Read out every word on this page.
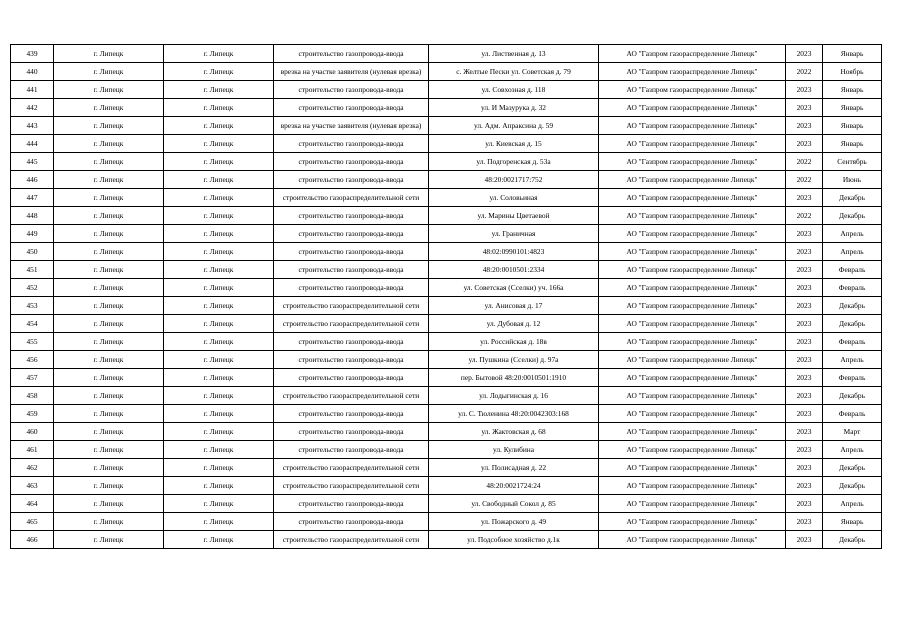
439	г. Липецк	г. Липецк	строительство газопровода-ввода	ул. Лиственная д. 13	АО "Газпром газораспределение Липецк"	2023	Январь
440	г. Липецк	г. Липецк	врезка на участке заявителя (нулевая врезка)	с. Желтые Пески ул. Советская д. 79	АО "Газпром газораспределение Липецк"	2022	Ноябрь
441	г. Липецк	г. Липецк	строительство газопровода-ввода	ул. Совхозная д. 118	АО "Газпром газораспределение Липецк"	2023	Январь
442	г. Липецк	г. Липецк	строительство газопровода-ввода	ул. И Мазурука д. 32	АО "Газпром газораспределение Липецк"	2023	Январь
443	г. Липецк	г. Липецк	врезка на участке заявителя (нулевая врезка)	ул. Адм. Апраксина д. 59	АО "Газпром газораспределение Липецк"	2023	Январь
444	г. Липецк	г. Липецк	строительство газопровода-ввода	ул. Киевская д. 15	АО "Газпром газораспределение Липецк"	2023	Январь
445	г. Липецк	г. Липецк	строительство газопровода-ввода	ул. Подгоренская д. 53а	АО "Газпром газораспределение Липецк"	2022	Сентябрь
446	г. Липецк	г. Липецк	строительство газопровода-ввода	48:20:0021717:752	АО "Газпром газораспределение Липецк"	2022	Июнь
447	г. Липецк	г. Липецк	строительство газораспределительной сети	ул. Соловьиная	АО "Газпром газораспределение Липецк"	2023	Декабрь
448	г. Липецк	г. Липецк	строительство газопровода-ввода	ул. Марины Цветаевой	АО "Газпром газораспределение Липецк"	2022	Декабрь
449	г. Липецк	г. Липецк	строительство газопровода-ввода	ул. Граничная	АО "Газпром газораспределение Липецк"	2023	Апрель
450	г. Липецк	г. Липецк	строительство газопровода-ввода	48:02:0990101:4823	АО "Газпром газораспределение Липецк"	2023	Апрель
451	г. Липецк	г. Липецк	строительство газопровода-ввода	48:20:0010501:2334	АО "Газпром газораспределение Липецк"	2023	Февраль
452	г. Липецк	г. Липецк	строительство газопровода-ввода	ул. Советская (Сселки) уч. 166а	АО "Газпром газораспределение Липецк"	2023	Февраль
453	г. Липецк	г. Липецк	строительство газораспределительной сети	ул. Анисовая д. 17	АО "Газпром газораспределение Липецк"	2023	Декабрь
454	г. Липецк	г. Липецк	строительство газораспределительной сети	ул. Дубовая д. 12	АО "Газпром газораспределение Липецк"	2023	Декабрь
455	г. Липецк	г. Липецк	строительство газопровода-ввода	ул. Российская д. 18в	АО "Газпром газораспределение Липецк"	2023	Февраль
456	г. Липецк	г. Липецк	строительство газопровода-ввода	ул. Пушкина (Сселки) д. 97а	АО "Газпром газораспределение Липецк"	2023	Апрель
457	г. Липецк	г. Липецк	строительство газопровода-ввода	пер. Бытовой 48:20:0010501:1910	АО "Газпром газораспределение Липецк"	2023	Февраль
458	г. Липецк	г. Липецк	строительство газораспределительной сети	ул. Лодыгинская д. 16	АО "Газпром газораспределение Липецк"	2023	Декабрь
459	г. Липецк	г. Липецк	строительство газопровода-ввода	ул. С. Тюленина 48:20:0042303:168	АО "Газпром газораспределение Липецк"	2023	Февраль
460	г. Липецк	г. Липецк	строительство газопровода-ввода	ул. Жактовская д. 68	АО "Газпром газораспределение Липецк"	2023	Март
461	г. Липецк	г. Липецк	строительство газопровода-ввода	ул. Кулибина	АО "Газпром газораспределение Липецк"	2023	Апрель
462	г. Липецк	г. Липецк	строительство газораспределительной сети	ул. Полисадная д. 22	АО "Газпром газораспределение Липецк"	2023	Декабрь
463	г. Липецк	г. Липецк	строительство газораспределительной сети	48:20:0021724:24	АО "Газпром газораспределение Липецк"	2023	Декабрь
464	г. Липецк	г. Липецк	строительство газопровода-ввода	ул. Свободный Сокол д. 85	АО "Газпром газораспределение Липецк"	2023	Апрель
465	г. Липецк	г. Липецк	строительство газопровода-ввода	ул. Пожарского д. 49	АО "Газпром газораспределение Липецк"	2023	Январь
466	г. Липецк	г. Липецк	строительство газораспределительной сети	ул. Подсобное хозяйство д.1к	АО "Газпром газораспределение Липецк"	2023	Декабрь
